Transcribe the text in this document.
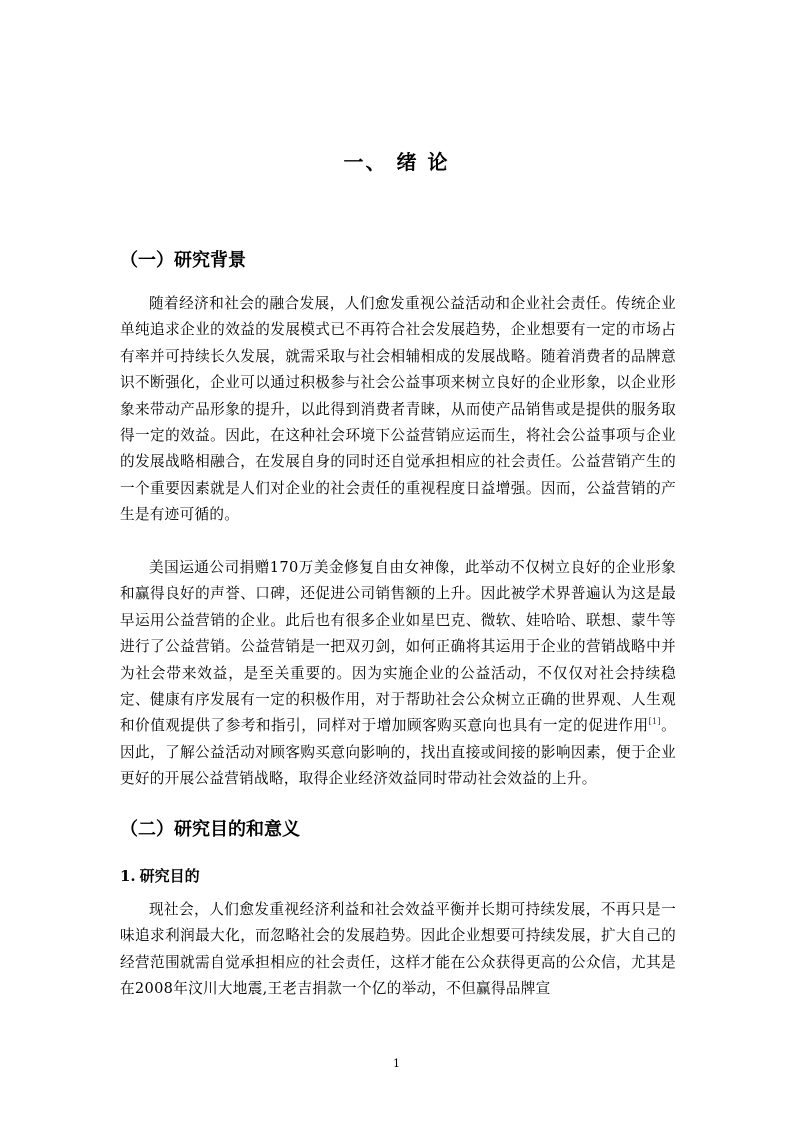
一、 绪 论
（一）研究背景

随着经济和社会的融合发展，人们愈发重视公益活动和企业社会责任。传统企业单纯追求企业的效益的发展模式已不再符合社会发展趋势，企业想要有一定的市场占有率并可持续长久发展，就需采取与社会相辅相成的发展战略。随着消费者的品牌意识不断强化，企业可以通过积极参与社会公益事项来树立良好的企业形象，以企业形象来带动产品形象的提升，以此得到消费者青睐，从而使产品销售或是提供的服务取得一定的效益。因此，在这种社会环境下公益营销应运而生，将社会公益事项与企业的发展战略相融合，在发展自身的同时还自觉承担相应的社会责任。公益营销产生的一个重要因素就是人们对企业的社会责任的重视程度日益增强。因而，公益营销的产生是有迹可循的。

美国运通公司捐赠170万美金修复自由女神像，此举动不仅树立良好的企业形象和赢得良好的声誉、口碑，还促进公司销售额的上升。因此被学术界普遍认为这是最早运用公益营销的企业。此后也有很多企业如星巴克、微软、娃哈哈、联想、蒙牛等进行了公益营销。公益营销是一把双刃剑，如何正确将其运用于企业的营销战略中并为社会带来效益，是至关重要的。因为实施企业的公益活动，不仅仅对社会持续稳定、健康有序发展有一定的积极作用，对于帮助社会公众树立正确的世界观、人生观和价值观提供了参考和指引，同样对于增加顾客购买意向也具有一定的促进作用[1]。因此，了解公益活动对顾客购买意向影响的，找出直接或间接的影响因素，便于企业更好的开展公益营销战略，取得企业经济效益同时带动社会效益的上升。

（二）研究目的和意义
1. 研究目的

现社会，人们愈发重视经济利益和社会效益平衡并长期可持续发展，不再只是一味追求利润最大化，而忽略社会的发展趋势。因此企业想要可持续发展，扩大自己的经营范围就需自觉承担相应的社会责任，这样才能在公众获得更高的公众信，尤其是在2008年汶川大地震,王老吉捐款一个亿的举动，不但赢得品牌宣

1
